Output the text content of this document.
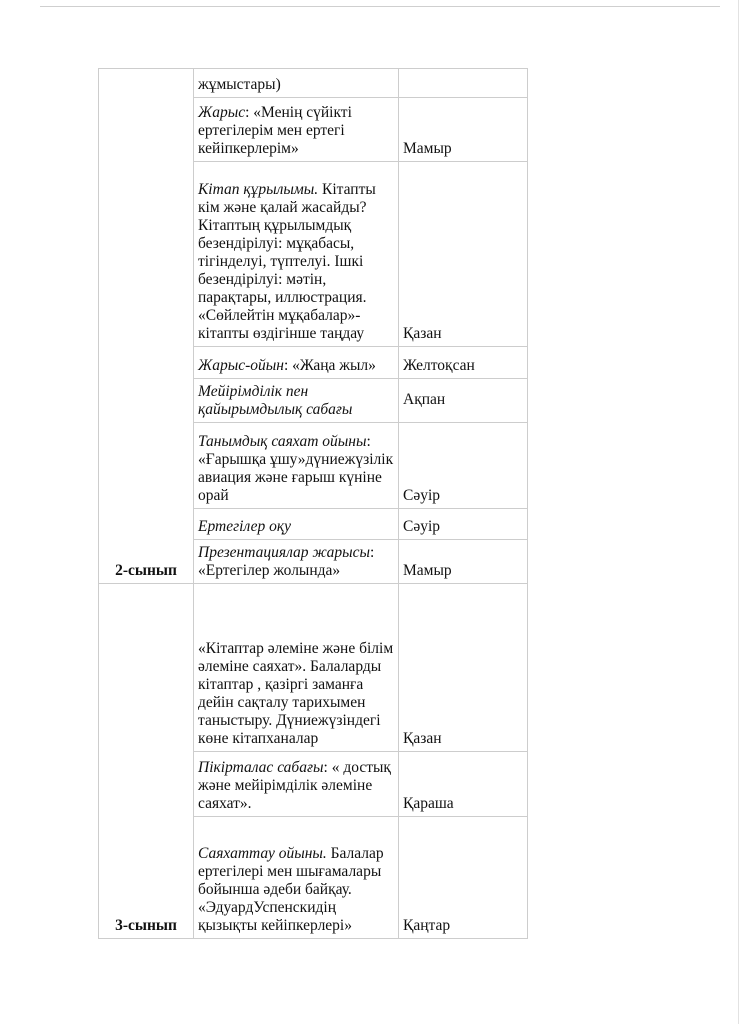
2-сынып	жұмыстары)	
	Жарыс: «Менің сүйікті ертегілерім мен ертегі кейіпкерлерім»	Мамыр
	Кітап құрылымы. Кітапты кім және қалай жасайды? Кітаптың құрылымдық безендірілуі: мұқабасы, тігінделуі, түптелуі. Ішкі безендірілуі: мәтін, парақтары, иллюстрация. «Сөйлейтін мұқабалар»- кітапты өздігінше таңдау	Қазан
	Жарыс-ойын: «Жаңа жыл»	Желтоқсан
	Мейірімділік пен қайырымдылық сабағы	Ақпан
	Танымдық саяхат ойыны: «Ғарышқа ұшу»дүниежүзілік авиация және ғарыш күніне орай	Сәуір
	Ертегілер оқу	Сәуір
	Презентациялар жарысы: «Ертегілер жолында»	Мамыр
3-сынып	«Кітаптар әлеміне және білім әлеміне саяхат». Балаларды кітаптар , қазіргі заманға дейін сақталу тарихымен таныстыру. Дүниежүзіндегі көне кітапханалар	Қазан
	Пікірталас сабағы: « достық және мейірімділік әлеміне саяхат».	Қараша
	Саяхаттау ойыны. Балалар ертегілері мен шығамалары бойынша әдеби байқау. «ЭдуардУспенскидің қызықты кейіпкерлері»	Қаңтар
